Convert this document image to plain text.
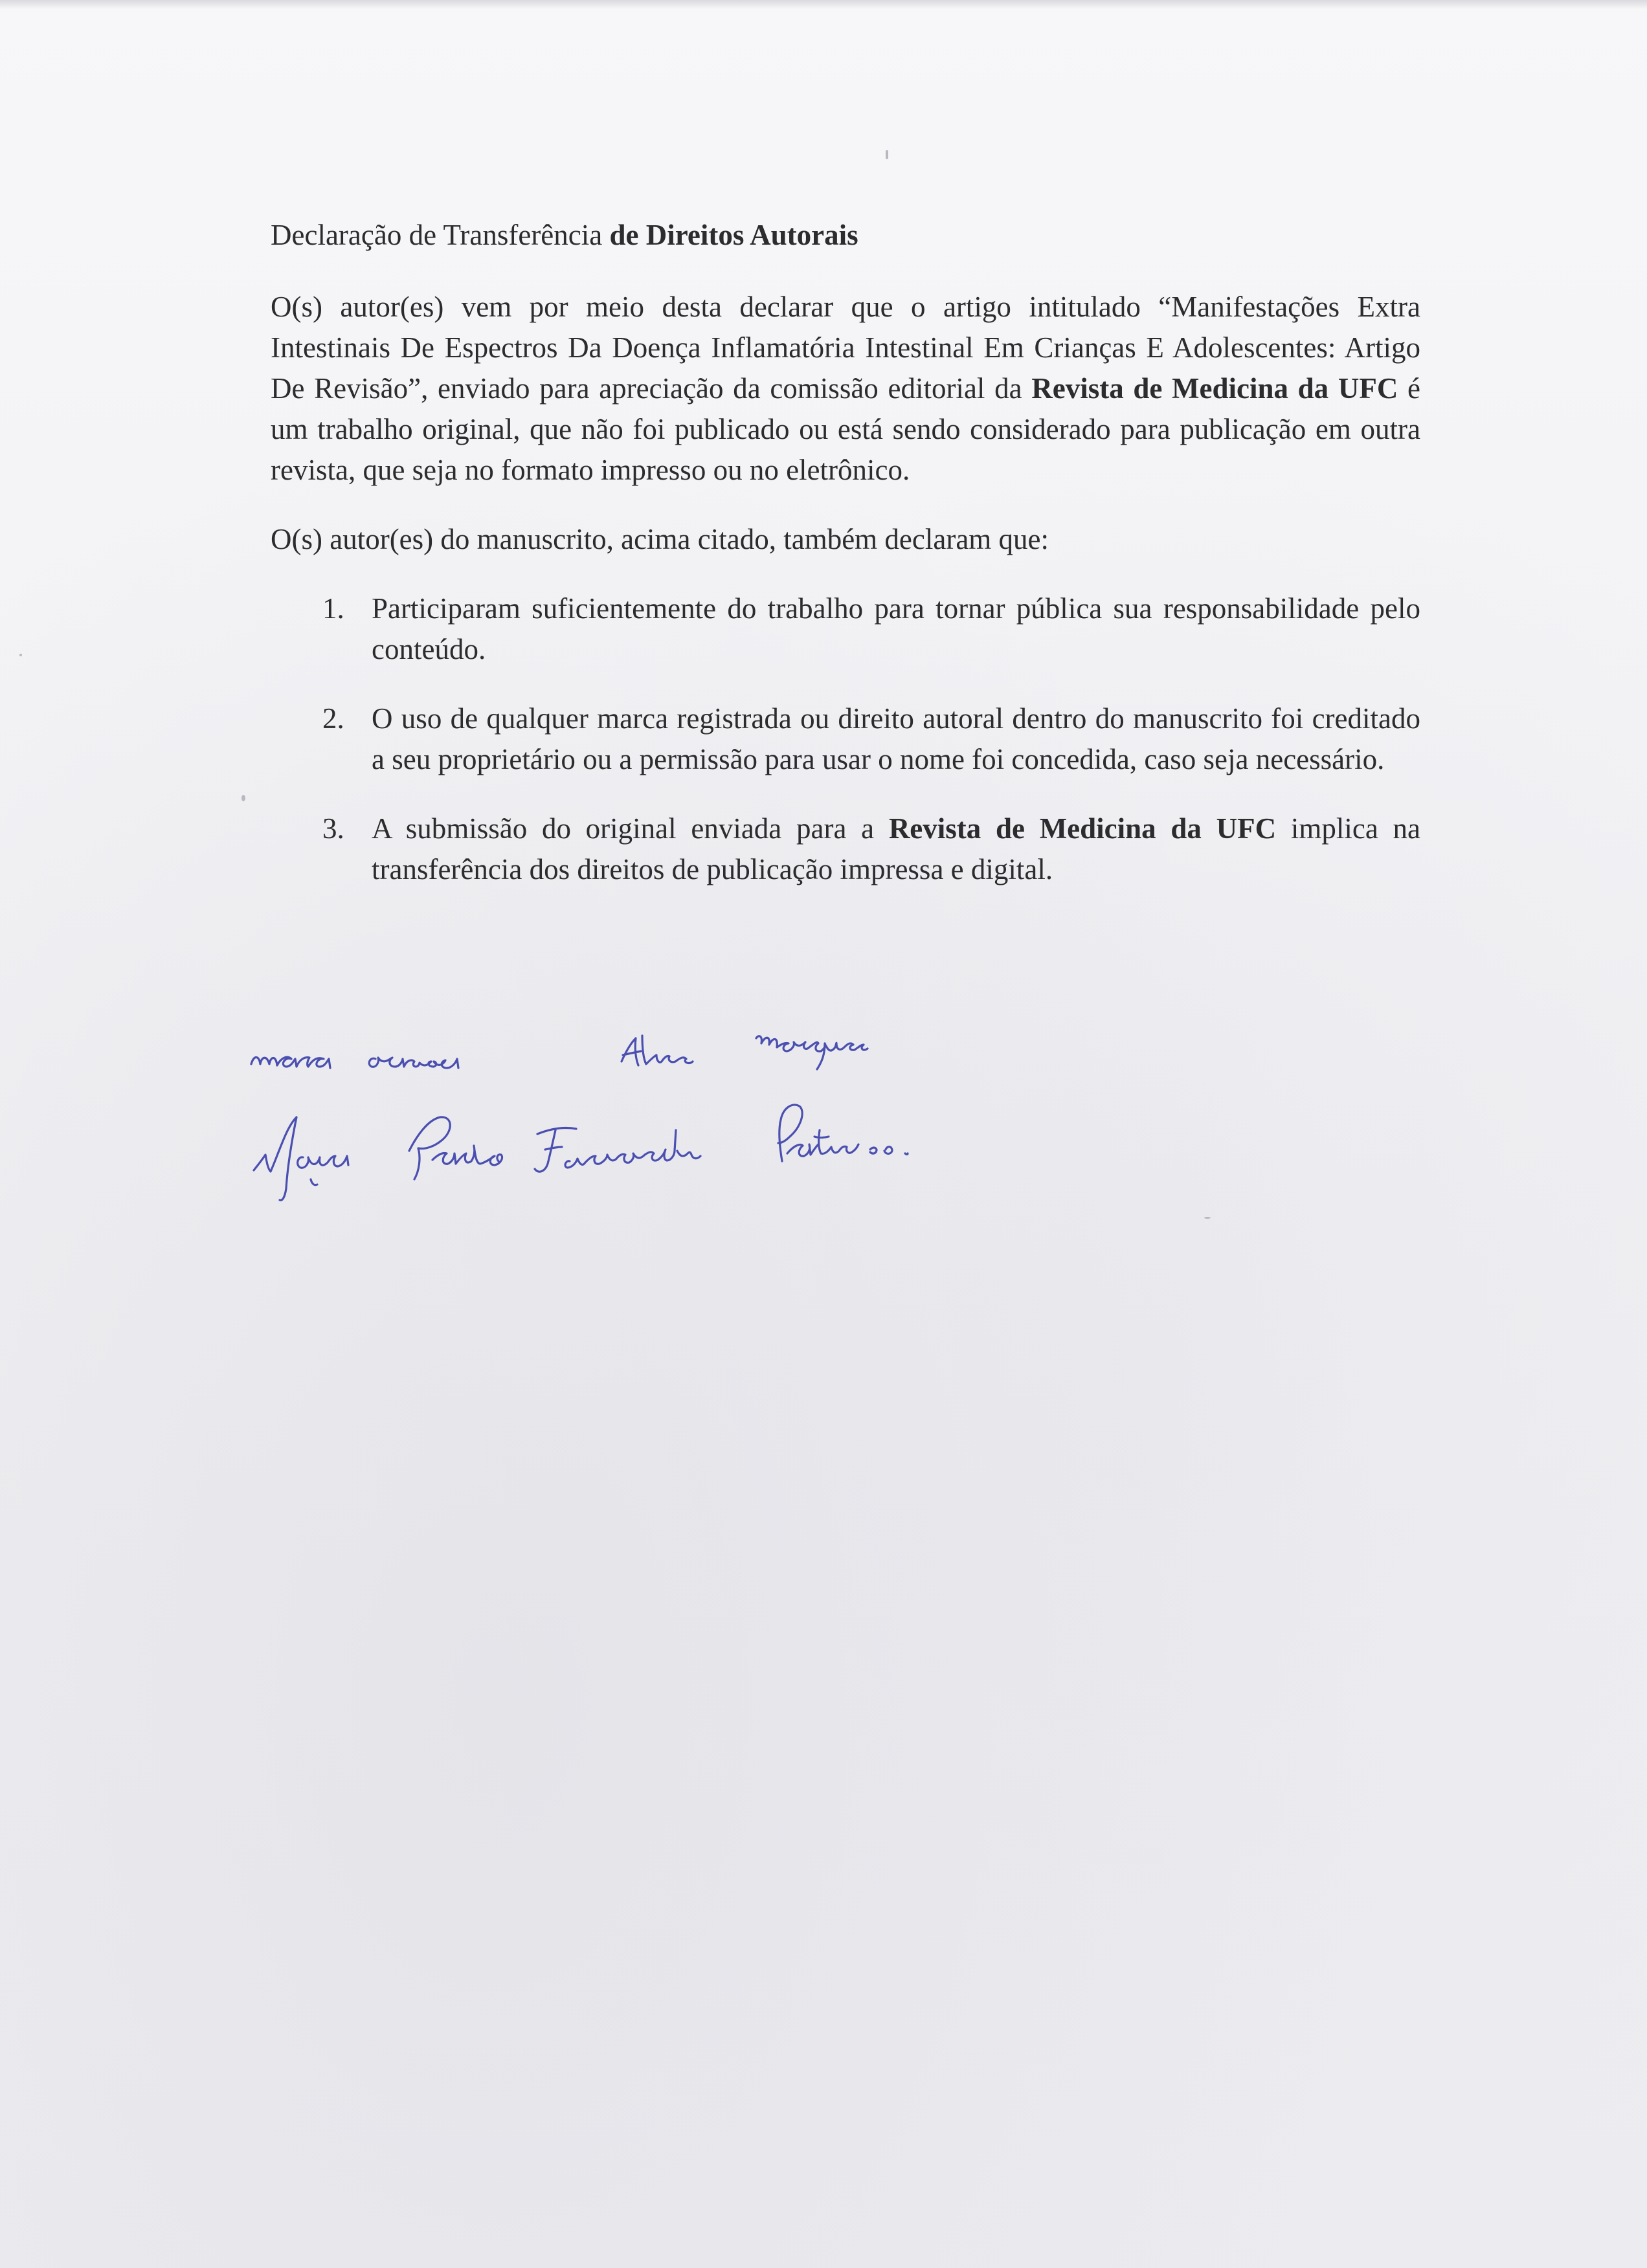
Declaração de Transferência de Direitos Autorais

O(s) autor(es) vem por meio desta declarar que o artigo intitulado “Manifestações Extra Intestinais De Espectros Da Doença Inflamatória Intestinal Em Crianças E Adolescentes: Artigo De Revisão”, enviado para apreciação da comissão editorial da Revista de Medicina da UFC é um trabalho original, que não foi publicado ou está sendo considerado para publicação em outra revista, que seja no formato impresso ou no eletrônico.

O(s) autor(es) do manuscrito, acima citado, também declaram que:

1. Participaram suficientemente do trabalho para tornar pública sua responsabilidade pelo conteúdo.
2. O uso de qualquer marca registrada ou direito autoral dentro do manuscrito foi creditado a seu proprietário ou a permissão para usar o nome foi concedida, caso seja necessário.
3. A submissão do original enviada para a Revista de Medicina da UFC implica na transferência dos direitos de publicação impressa e digital.
